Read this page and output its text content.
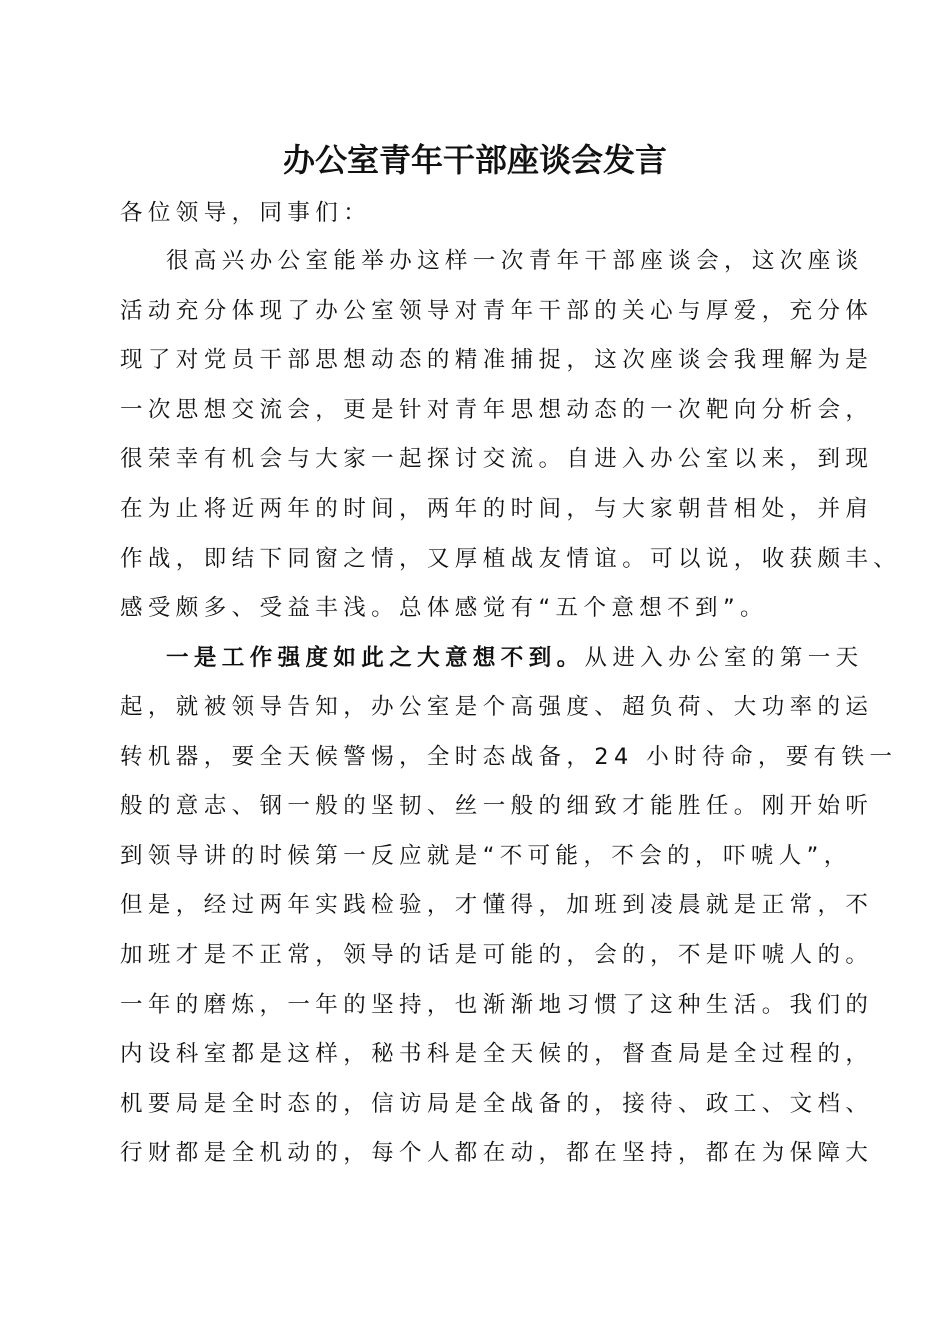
办公室青年干部座谈会发言
各位领导，同事们：
很高兴办公室能举办这样一次青年干部座谈会，这次座谈
活动充分体现了办公室领导对青年干部的关心与厚爱，充分体
现了对党员干部思想动态的精准捕捉，这次座谈会我理解为是
一次思想交流会，更是针对青年思想动态的一次靶向分析会，
很荣幸有机会与大家一起探讨交流。自进入办公室以来，到现
在为止将近两年的时间，两年的时间，与大家朝昔相处，并肩
作战，即结下同窗之情，又厚植战友情谊。可以说，收获颇丰、
感受颇多、受益丰浅。总体感觉有“五个意想不到”。
一是工作强度如此之大意想不到。从进入办公室的第一天
起，就被领导告知，办公室是个高强度、超负荷、大功率的运
转机器，要全天候警惕，全时态战备，24 小时待命，要有铁一
般的意志、钢一般的坚韧、丝一般的细致才能胜任。刚开始听
到领导讲的时候第一反应就是“不可能，不会的，吓唬人”，
但是，经过两年实践检验，才懂得，加班到凌晨就是正常，不
加班才是不正常，领导的话是可能的，会的，不是吓唬人的。
一年的磨炼，一年的坚持，也渐渐地习惯了这种生活。我们的
内设科室都是这样，秘书科是全天候的，督查局是全过程的，
机要局是全时态的，信访局是全战备的，接待、政工、文档、
行财都是全机动的，每个人都在动，都在坚持，都在为保障大
